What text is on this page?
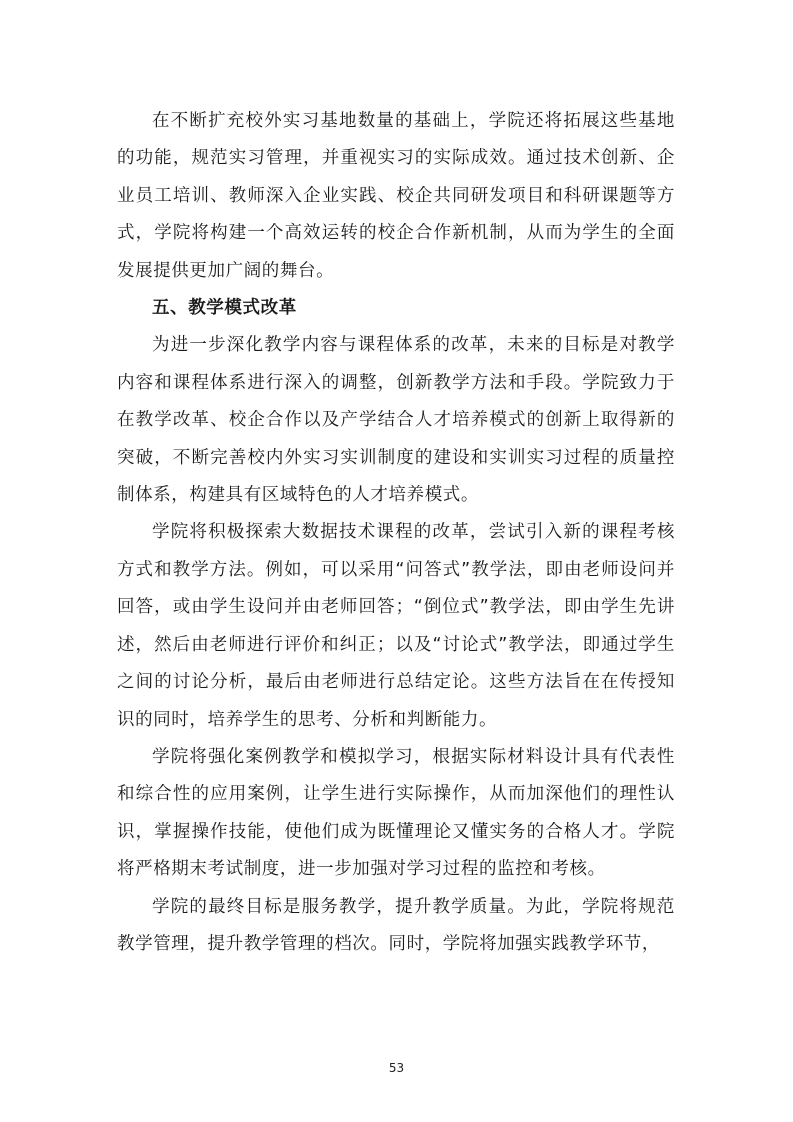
在不断扩充校外实习基地数量的基础上，学院还将拓展这些基地的功能，规范实习管理，并重视实习的实际成效。通过技术创新、企业员工培训、教师深入企业实践、校企共同研发项目和科研课题等方式，学院将构建一个高效运转的校企合作新机制，从而为学生的全面发展提供更加广阔的舞台。

五、教学模式改革

为进一步深化教学内容与课程体系的改革，未来的目标是对教学内容和课程体系进行深入的调整，创新教学方法和手段。学院致力于在教学改革、校企合作以及产学结合人才培养模式的创新上取得新的突破，不断完善校内外实习实训制度的建设和实训实习过程的质量控制体系，构建具有区域特色的人才培养模式。

学院将积极探索大数据技术课程的改革，尝试引入新的课程考核方式和教学方法。例如，可以采用“问答式”教学法，即由老师设问并回答，或由学生设问并由老师回答；“倒位式”教学法，即由学生先讲述，然后由老师进行评价和纠正；以及“讨论式”教学法，即通过学生之间的讨论分析，最后由老师进行总结定论。这些方法旨在在传授知识的同时，培养学生的思考、分析和判断能力。

学院将强化案例教学和模拟学习，根据实际材料设计具有代表性和综合性的应用案例，让学生进行实际操作，从而加深他们的理性认识，掌握操作技能，使他们成为既懂理论又懂实务的合格人才。学院将严格期末考试制度，进一步加强对学习过程的监控和考核。

学院的最终目标是服务教学，提升教学质量。为此，学院将规范教学管理，提升教学管理的档次。同时，学院将加强实践教学环节，

53
